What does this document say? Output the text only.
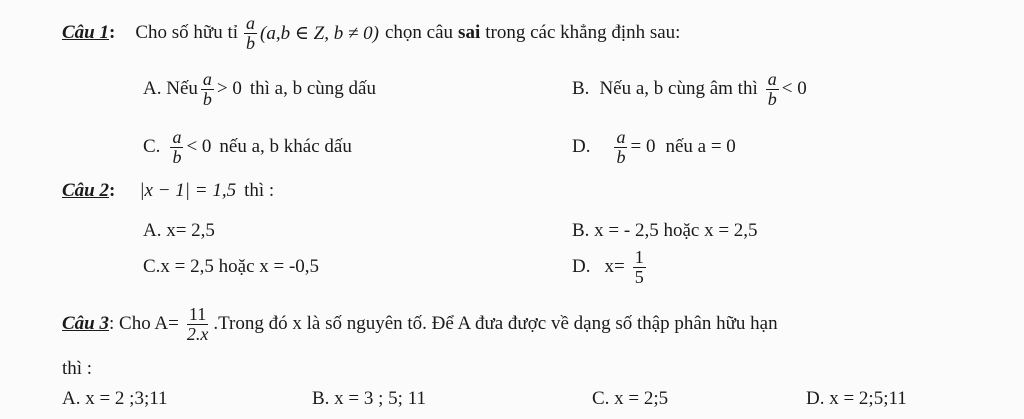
Câu 1 : Cho số hữu tỉ $\frac{a}{b} (a,b$ ∈ Z, b ≠ 0) chọn câu sai trong các khẳng định sau:
A. Nếu $\frac{a}{b} > 0$ thì a, b cùng dấu	B. Nếu a, b cùng âm thì $\frac{a}{b} < 0$
C. $\frac{a}{b} < 0$ nếu a, b khác dấu	D. $\frac{a}{b} = 0$ nếu a = 0
Câu 2 : |x − 1| = 1,5 thì :
A. x= 2,5	B. x = - 2,5 hoặc x = 2,5
C.x = 2,5 hoặc x = -0,5	D. $x= \frac{1}{5}$
Câu 3 : Cho $A= \frac{11}{2.x}$ .Trong đó x là số nguyên tố. Để A đưa được về dạng số thập phân hữu hạn
thì :
A. x = 2 ;3;11	B. x = 3 ; 5; 11	C. x = 2;5	D. x = 2;5;11
